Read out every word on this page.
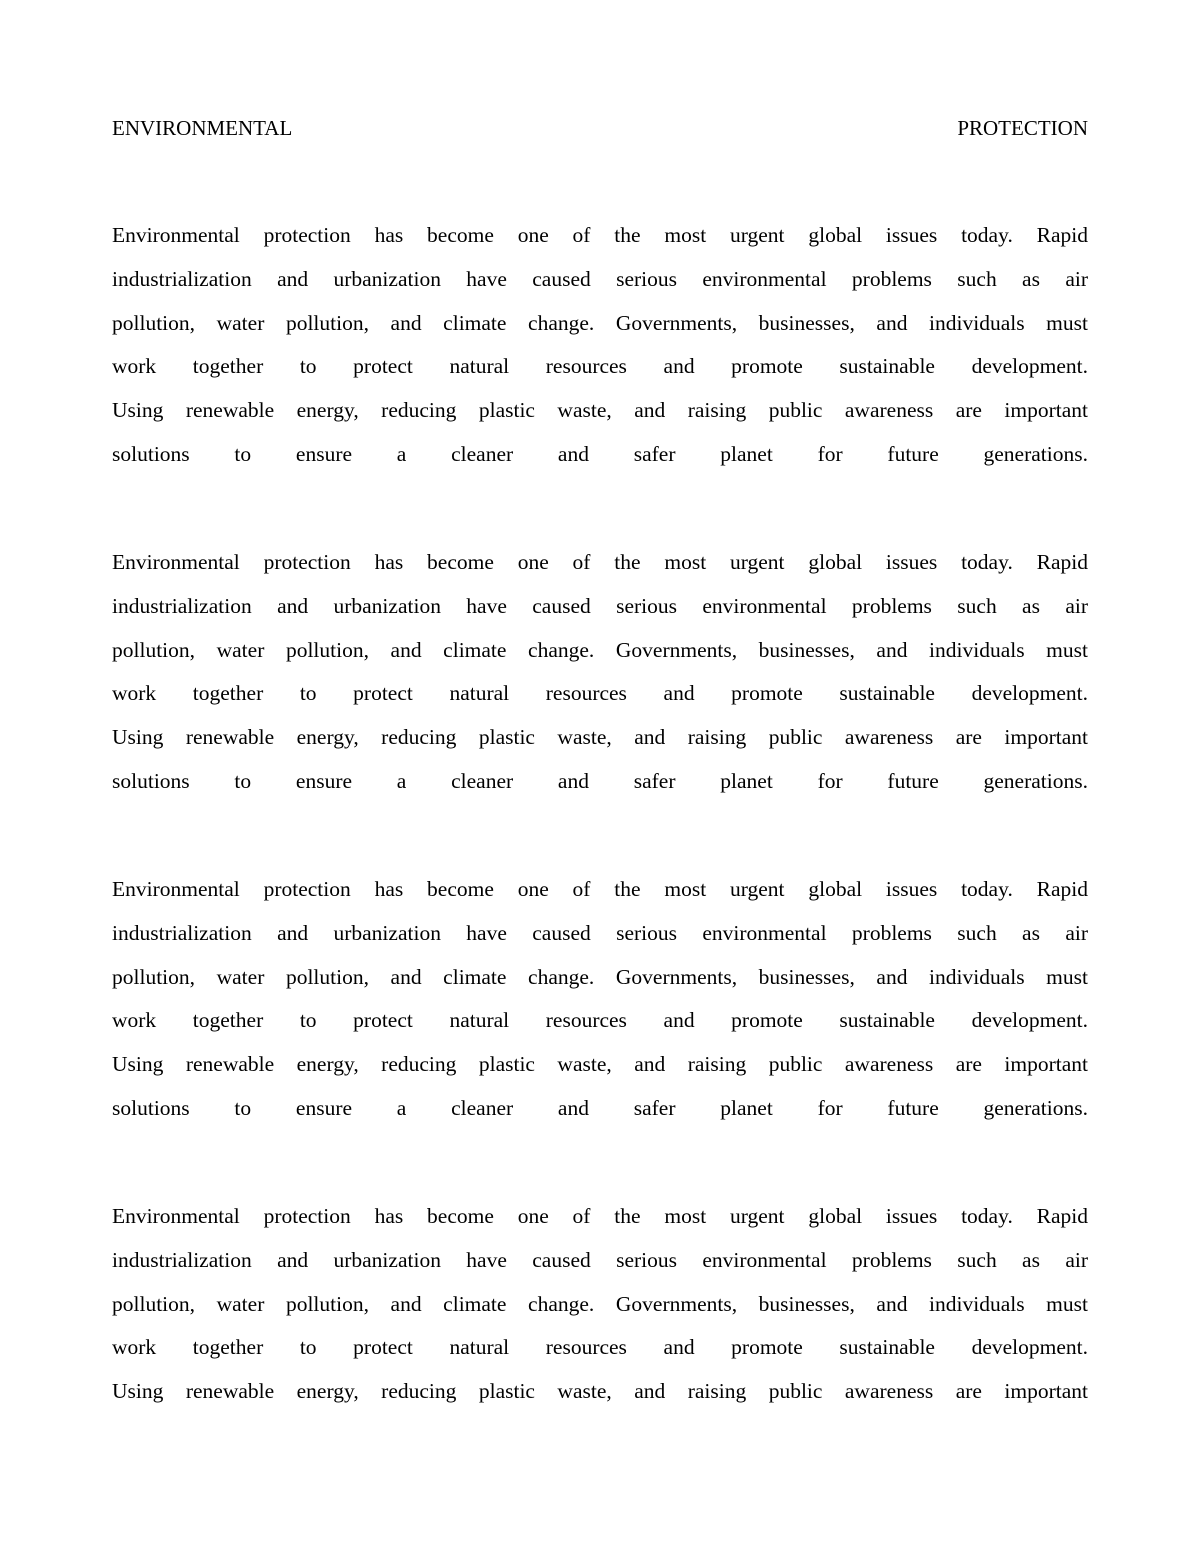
ENVIRONMENTAL	PROTECTION
Environmental protection has become one of the most urgent global issues today. Rapid
industrialization and urbanization have caused serious environmental problems such as air
pollution, water pollution, and climate change. Governments, businesses, and individuals must
work together to protect natural resources and promote sustainable development.
Using renewable energy, reducing plastic waste, and raising public awareness are important
solutions to ensure a cleaner and safer planet for future generations.
Environmental protection has become one of the most urgent global issues today. Rapid
industrialization and urbanization have caused serious environmental problems such as air
pollution, water pollution, and climate change. Governments, businesses, and individuals must
work together to protect natural resources and promote sustainable development.
Using renewable energy, reducing plastic waste, and raising public awareness are important
solutions to ensure a cleaner and safer planet for future generations.
Environmental protection has become one of the most urgent global issues today. Rapid
industrialization and urbanization have caused serious environmental problems such as air
pollution, water pollution, and climate change. Governments, businesses, and individuals must
work together to protect natural resources and promote sustainable development.
Using renewable energy, reducing plastic waste, and raising public awareness are important
solutions to ensure a cleaner and safer planet for future generations.
Environmental protection has become one of the most urgent global issues today. Rapid
industrialization and urbanization have caused serious environmental problems such as air
pollution, water pollution, and climate change. Governments, businesses, and individuals must
work together to protect natural resources and promote sustainable development.
Using renewable energy, reducing plastic waste, and raising public awareness are important
